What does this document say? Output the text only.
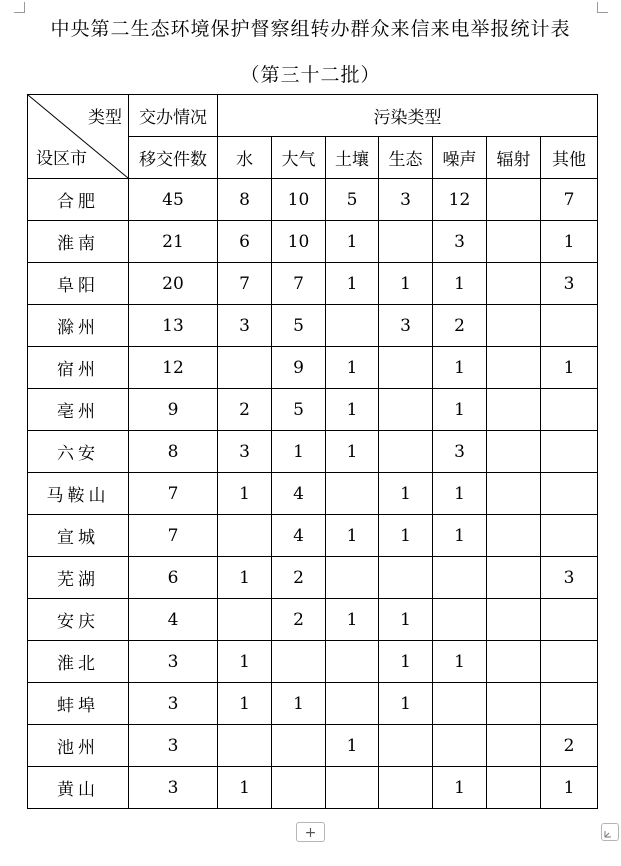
中央第二生态环境保护督察组转办群众来信来电举报统计表
（第三十二批）
类型
设区市	交办情况	污染类型						
	移交件数	水	大气	土壤	生态	噪声	辐射	其他
合肥	45	8	10	5	3	12		7
淮南	21	6	10	1		3		1
阜阳	20	7	7	1	1	1		3
滁州	13	3	5		3	2		
宿州	12		9	1		1		1
亳州	9	2	5	1		1		
六安	8	3	1	1		3		
马鞍山	7	1	4		1	1		
宣城	7		4	1	1	1		
芜湖	6	1	2					3
安庆	4		2	1	1			
淮北	3	1			1	1		
蚌埠	3	1	1		1			
池州	3			1				2
黄山	3	1				1		1
+
